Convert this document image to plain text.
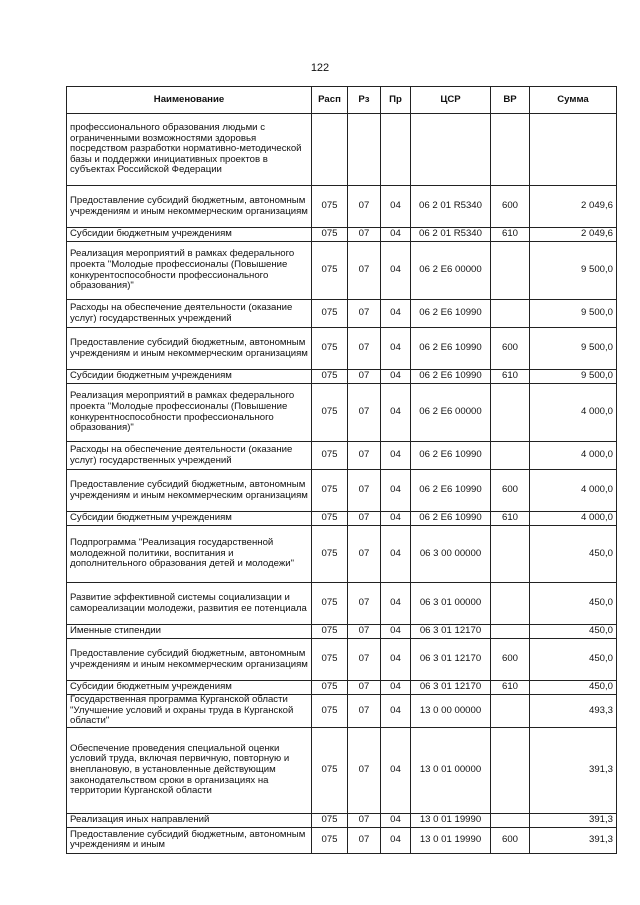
122
Наименование	Расп	Рз	Пр	ЦСР	ВР	Сумма
профессионального образования людьми с ограниченными возможностями здоровья посредством разработки нормативно-методической базы и поддержки инициативных проектов в субъектах Российской Федерации						
Предоставление субсидий бюджетным, автономным учреждениям и иным некоммерческим организациям	075	07	04	06 2 01 R5340	600	2 049,6
Субсидии бюджетным учреждениям	075	07	04	06 2 01 R5340	610	2 049,6
Реализация мероприятий в рамках федерального проекта "Молодые профессионалы (Повышение конкурентоспособности профессионального образования)"	075	07	04	06 2 E6 00000		9 500,0
Расходы на обеспечение деятельности (оказание услуг) государственных учреждений	075	07	04	06 2 E6 10990		9 500,0
Предоставление субсидий бюджетным, автономным учреждениям и иным некоммерческим организациям	075	07	04	06 2 E6 10990	600	9 500,0
Субсидии бюджетным учреждениям	075	07	04	06 2 E6 10990	610	9 500,0
Реализация мероприятий в рамках федерального проекта "Молодые профессионалы (Повышение конкурентноспособности профессионального образования)"	075	07	04	06 2 E6 00000		4 000,0
Расходы на обеспечение деятельности (оказание услуг) государственных учреждений	075	07	04	06 2 E6 10990		4 000,0
Предоставление субсидий бюджетным, автономным учреждениям и иным некоммерческим организациям	075	07	04	06 2 E6 10990	600	4 000,0
Субсидии бюджетным учреждениям	075	07	04	06 2 E6 10990	610	4 000,0
Подпрограмма "Реализация государственной молодежной политики, воспитания и дополнительного образования детей и молодежи"	075	07	04	06 3 00 00000		450,0
Развитие эффективной системы социализации и самореализации молодежи, развития ее потенциала	075	07	04	06 3 01 00000		450,0
Именные стипендии	075	07	04	06 3 01 12170		450,0
Предоставление субсидий бюджетным, автономным учреждениям и иным некоммерческим организациям	075	07	04	06 3 01 12170	600	450,0
Субсидии бюджетным учреждениям	075	07	04	06 3 01 12170	610	450,0
Государственная программа Курганской области "Улучшение условий и охраны труда в Курганской области"	075	07	04	13 0 00 00000		493,3
Обеспечение проведения специальной оценки условий труда, включая первичную, повторную и внеплановую, в установленные действующим законодательством сроки в организациях на территории Курганской области	075	07	04	13 0 01 00000		391,3
Реализация иных направлений	075	07	04	13 0 01 19990		391,3
Предоставление субсидий бюджетным, автономным учреждениям и иным	075	07	04	13 0 01 19990	600	391,3
